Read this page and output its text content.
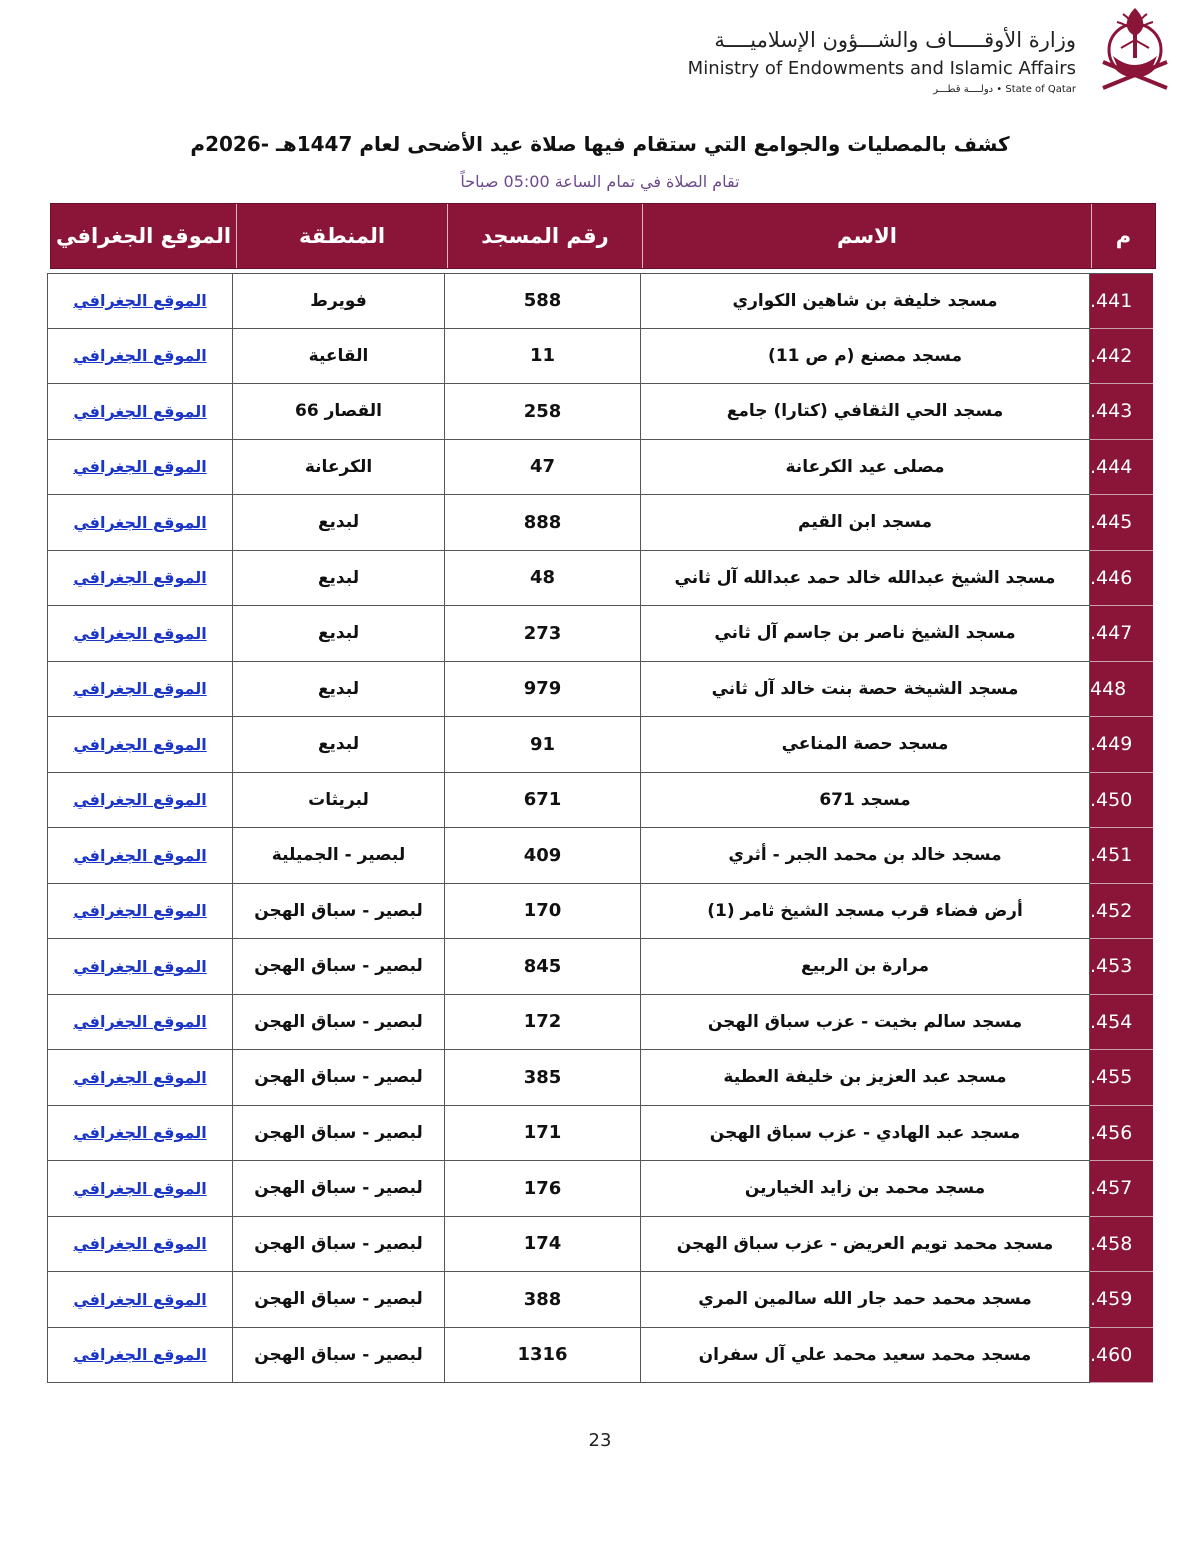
وزارة الأوقـــــاف والشـــؤون الإسلاميــــة
Ministry of Endowments and Islamic Affairs
State of Qatar • دولــــة قطـــر
كشف بالمصليات والجوامع التي ستقام فيها صلاة عيد الأضحى لعام 1447هـ -2026م
تقام الصلاة في تمام الساعة 05:00 صباحاً
الموقع الجغرافي	المنطقة	رقم المسجد	الاسم	م
الموقع الجغرافي	فويرط	588	مسجد خليفة بن شاهين الكواري	.441
الموقع الجغرافي	القاعية	11	مسجد مصنع (م ص 11)	.442
الموقع الجغرافي	القصار 66	258	مسجد الحي الثقافي (كتارا) جامع	.443
الموقع الجغرافي	الكرعانة	47	مصلى عيد الكرعانة	.444
الموقع الجغرافي	لبديع	888	مسجد ابن القيم	.445
الموقع الجغرافي	لبديع	48	مسجد الشيخ عبدالله خالد حمد عبدالله آل ثاني	.446
الموقع الجغرافي	لبديع	273	مسجد الشيخ ناصر بن جاسم آل ثاني	.447
الموقع الجغرافي	لبديع	979	مسجد الشيخة حصة بنت خالد آل ثاني	448
الموقع الجغرافي	لبديع	91	مسجد حصة المناعي	.449
الموقع الجغرافي	لبريثات	671	مسجد 671	.450
الموقع الجغرافي	لبصير - الجميلية	409	مسجد خالد بن محمد الجبر - أثري	.451
الموقع الجغرافي	لبصير - سباق الهجن	170	أرض فضاء قرب مسجد الشيخ ثامر (1)	.452
الموقع الجغرافي	لبصير - سباق الهجن	845	مرارة بن الربيع	.453
الموقع الجغرافي	لبصير - سباق الهجن	172	مسجد سالم بخيت - عزب سباق الهجن	.454
الموقع الجغرافي	لبصير - سباق الهجن	385	مسجد عبد العزيز بن خليفة العطية	.455
الموقع الجغرافي	لبصير - سباق الهجن	171	مسجد عبد الهادي - عزب سباق الهجن	.456
الموقع الجغرافي	لبصير - سباق الهجن	176	مسجد محمد بن زايد الخيارين	.457
الموقع الجغرافي	لبصير - سباق الهجن	174	مسجد محمد تويم العريض - عزب سباق الهجن	.458
الموقع الجغرافي	لبصير - سباق الهجن	388	مسجد محمد حمد جار الله سالمين المري	.459
الموقع الجغرافي	لبصير - سباق الهجن	1316	مسجد محمد سعيد محمد علي آل سفران	.460
23
